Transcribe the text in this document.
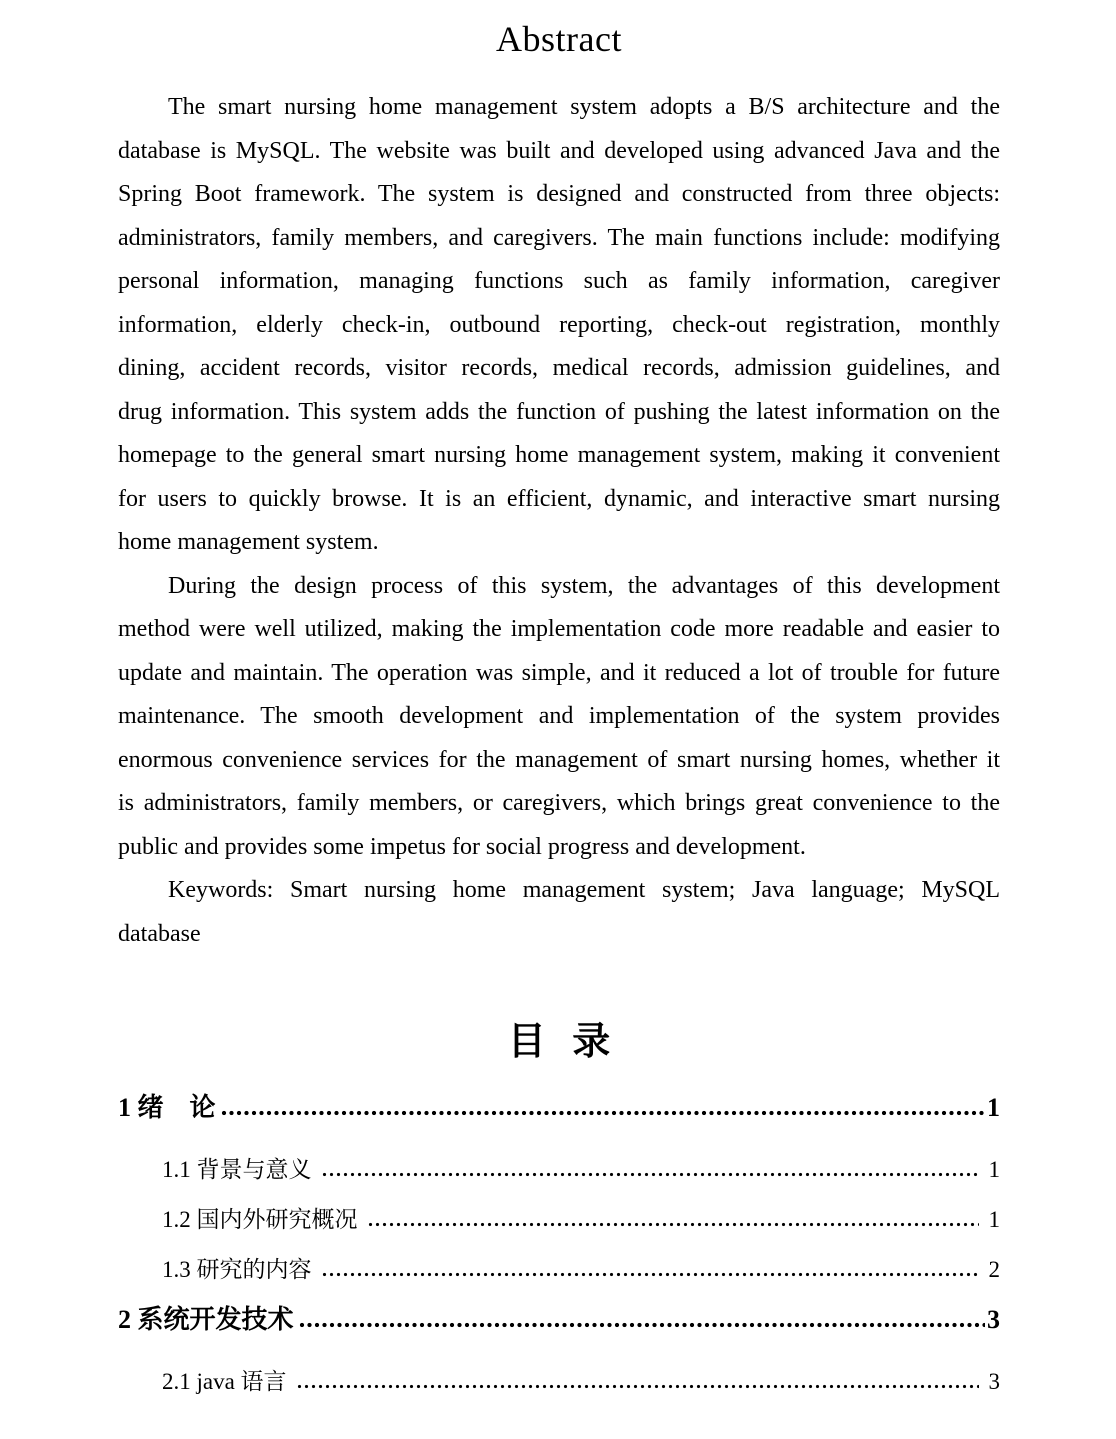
Abstract
The smart nursing home management system adopts a B/S architecture and the
database is MySQL. The website was built and developed using advanced Java and the
Spring Boot framework. The system is designed and constructed from three objects:
administrators, family members, and caregivers. The main functions include: modifying
personal information, managing functions such as family information, caregiver
information, elderly check-in, outbound reporting, check-out registration, monthly
dining, accident records, visitor records, medical records, admission guidelines, and
drug information. This system adds the function of pushing the latest information on the
homepage to the general smart nursing home management system, making it convenient
for users to quickly browse. It is an efficient, dynamic, and interactive smart nursing
home management system.
During the design process of this system, the advantages of this development
method were well utilized, making the implementation code more readable and easier to
update and maintain. The operation was simple, and it reduced a lot of trouble for future
maintenance. The smooth development and implementation of the system provides
enormous convenience services for the management of smart nursing homes, whether it
is administrators, family members, or caregivers, which brings great convenience to the
public and provides some impetus for social progress and development.
Keywords: Smart nursing home management system; Java language; MySQL
database
目 录
1 绪　论	1
1.1 背景与意义	1
1.2 国内外研究概况	1
1.3 研究的内容	2
2 系统开发技术	3
2.1 java 语言	3
